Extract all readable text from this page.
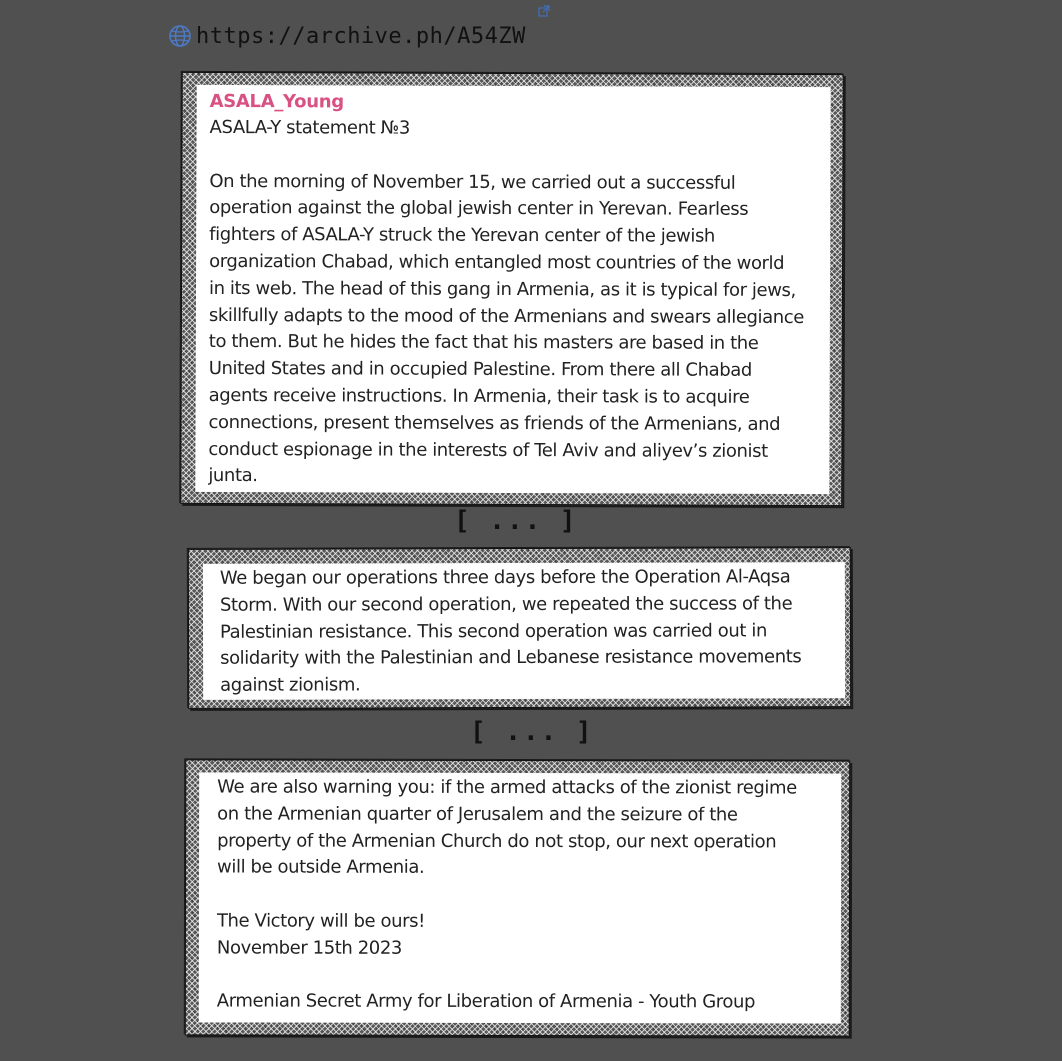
https://archive.ph/A54ZW
ASALA_Young

ASALA-Y statement №3

On the morning of November 15, we carried out a successful
operation against the global jewish center in Yerevan. Fearless
fighters of ASALA-Y struck the Yerevan center of the jewish
organization Chabad, which entangled most countries of the world
in its web. The head of this gang in Armenia, as it is typical for jews,
skillfully adapts to the mood of the Armenians and swears allegiance
to them. But he hides the fact that his masters are based in the
United States and in occupied Palestine. From there all Chabad
agents receive instructions. In Armenia, their task is to acquire
connections, present themselves as friends of the Armenians, and
conduct espionage in the interests of Tel Aviv and aliyev’s zionist
junta.

[ ... ]

We began our operations three days before the Operation Al-Aqsa
Storm. With our second operation, we repeated the success of the
Palestinian resistance. This second operation was carried out in
solidarity with the Palestinian and Lebanese resistance movements
against zionism.

[ ... ]

We are also warning you: if the armed attacks of the zionist regime
on the Armenian quarter of Jerusalem and the seizure of the
property of the Armenian Church do not stop, our next operation
will be outside Armenia.

The Victory will be ours!
November 15th 2023

Armenian Secret Army for Liberation of Armenia - Youth Group
